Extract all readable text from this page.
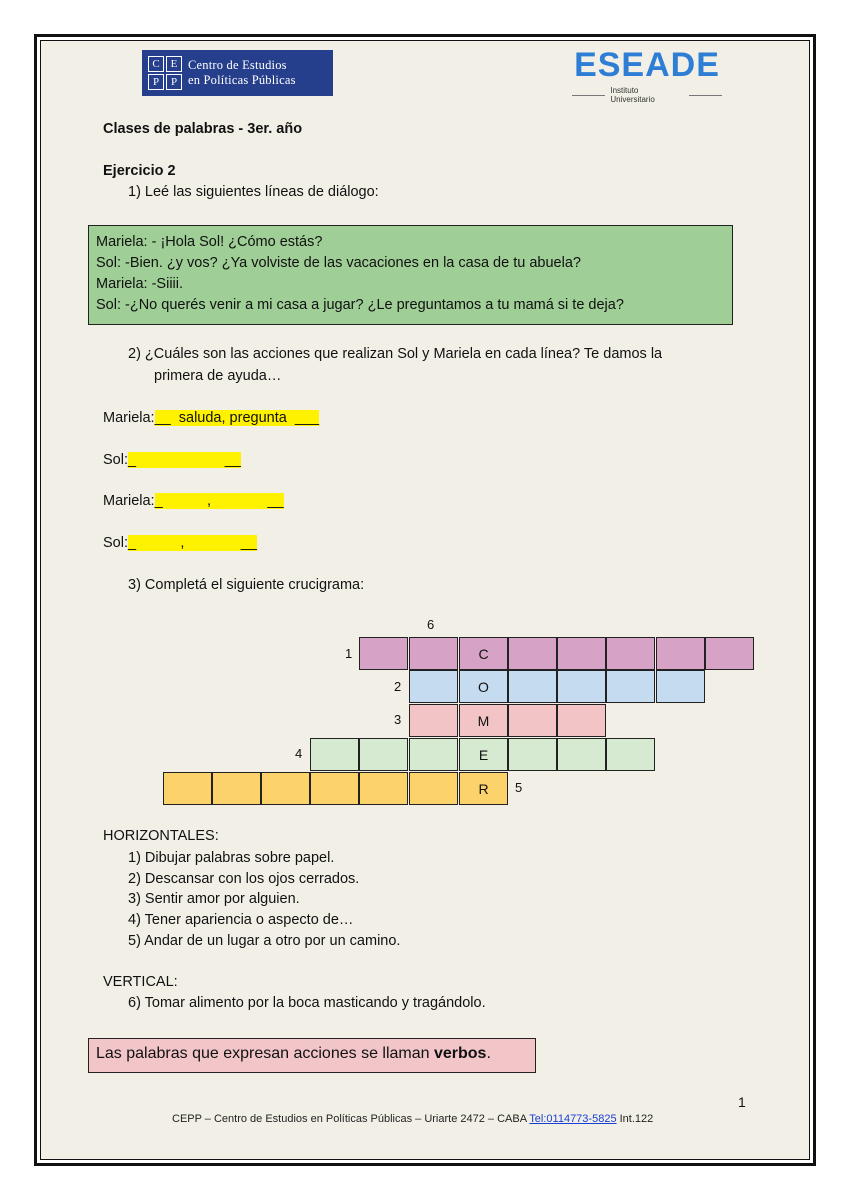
C E
P	P
Centro de Estudios
en Políticas Públicas	ESEADE
Instituto Universitario
Clases de palabras - 3er. año
Ejercicio 2
1) Leé las siguientes líneas de diálogo:
Mariela: - ¡Hola Sol! ¿Cómo estás?
Sol: -Bien. ¿y vos? ¿Ya volviste de las vacaciones en la casa de tu abuela?
Mariela: -Siiii.
Sol: -¿No querés venir a mi casa a jugar? ¿Le preguntamos a tu mamá si te deja?
2) ¿Cuáles son las acciones que realizan Sol y Mariela en cada línea? Te damos la
primera de ayuda…
Mariela:__  saluda, pregunta  ___
Sol:_                      __
Mariela:_           ,              __
Sol:_           ,              __
3) Completá el siguiente crucigrama:
6
1
2
3
4
5
C
O
M
E
R
HORIZONTALES:
1) Dibujar palabras sobre papel.
2) Descansar con los ojos cerrados.
3) Sentir amor por alguien.
4) Tener apariencia o aspecto de…
5) Andar de un lugar a otro por un camino.
VERTICAL:
6) Tomar alimento por la boca masticando y tragándolo.
Las palabras que expresan acciones se llaman verbos.
1
CEPP – Centro de Estudios en Políticas Públicas – Uriarte 2472 – CABA Tel:0114773-5825 Int.122
